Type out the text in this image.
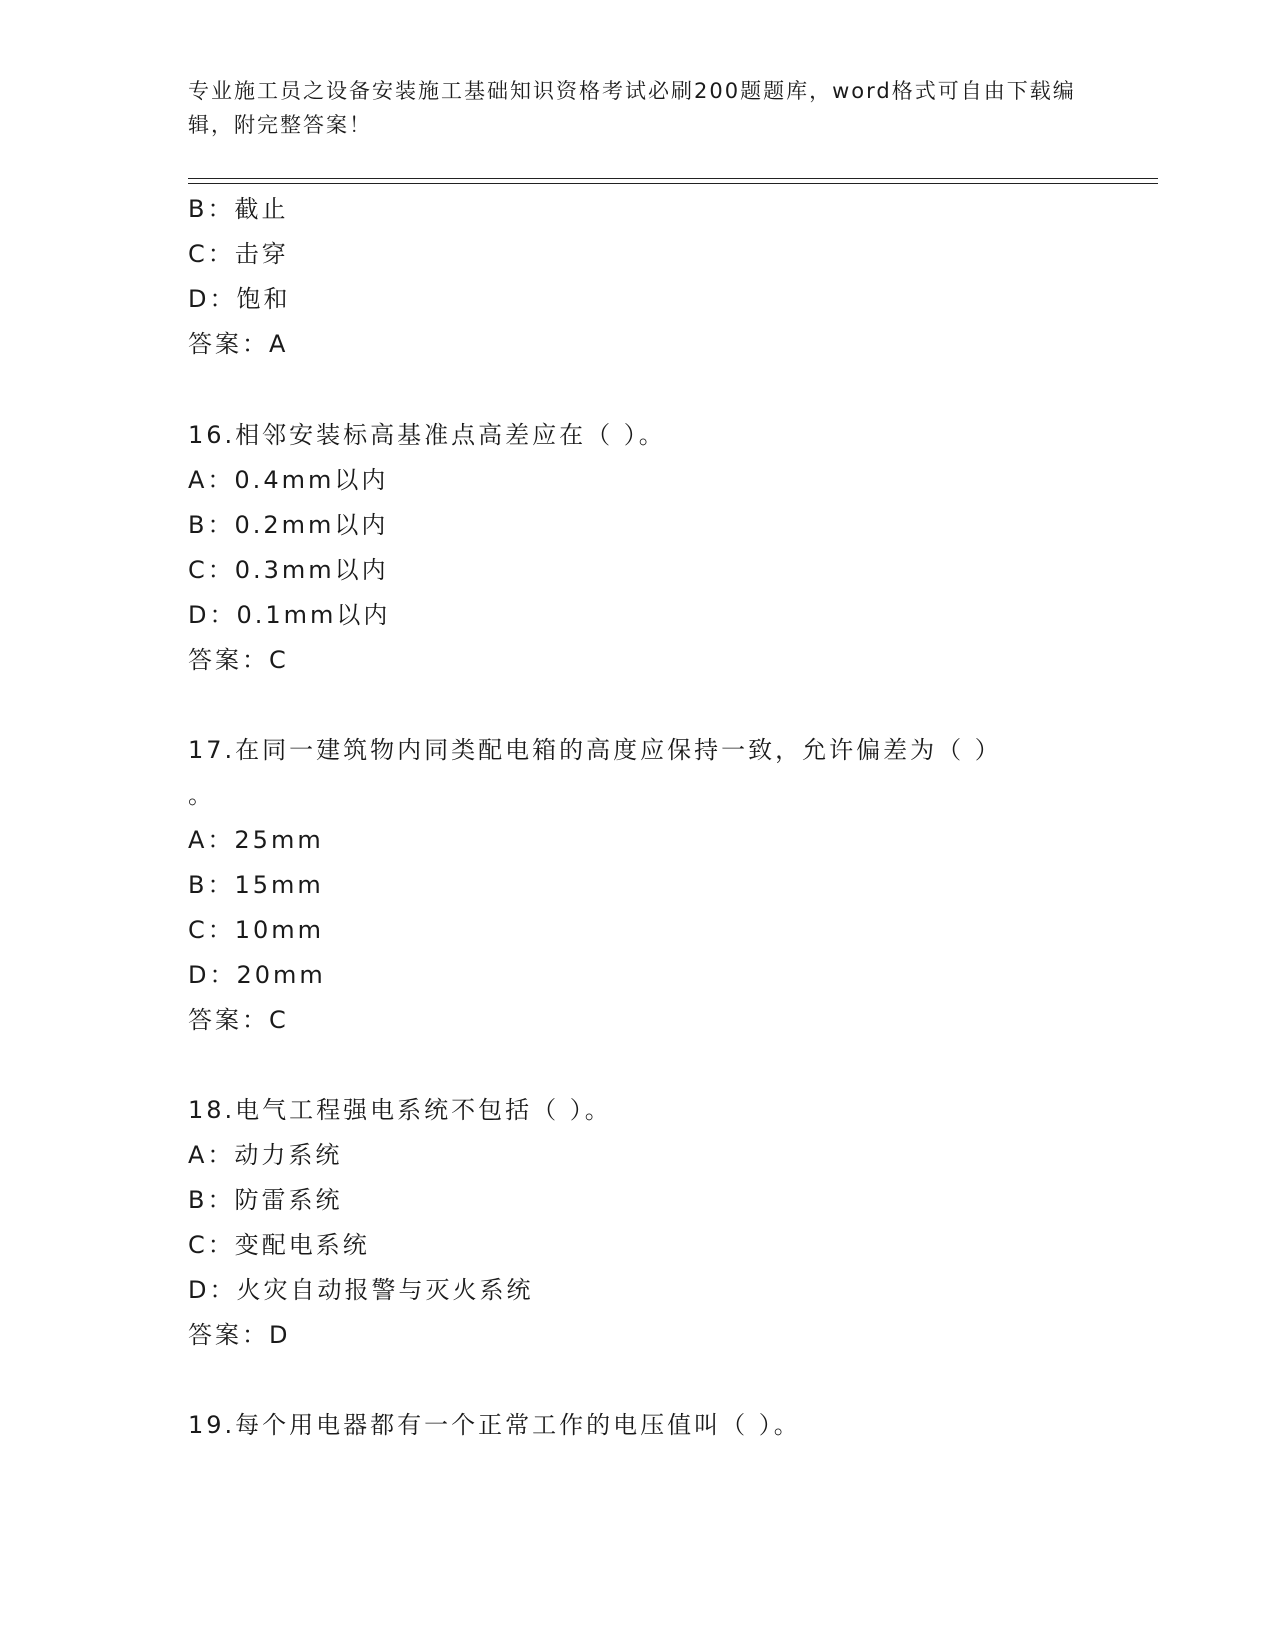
专业施工员之设备安装施工基础知识资格考试必刷200题题库，word格式可自由下载编辑，附完整答案！
B：截止
C：击穿
D：饱和
答案：A
16.相邻安装标高基准点高差应在（ ）。
A：0.4mm以内
B：0.2mm以内
C：0.3mm以内
D：0.1mm以内
答案：C
17.在同一建筑物内同类配电箱的高度应保持一致，允许偏差为（ ）
。
A：25mm
B：15mm
C：10mm
D：20mm
答案：C
18.电气工程强电系统不包括（ ）。
A：动力系统
B：防雷系统
C：变配电系统
D：火灾自动报警与灭火系统
答案：D
19.每个用电器都有一个正常工作的电压值叫（ ）。
